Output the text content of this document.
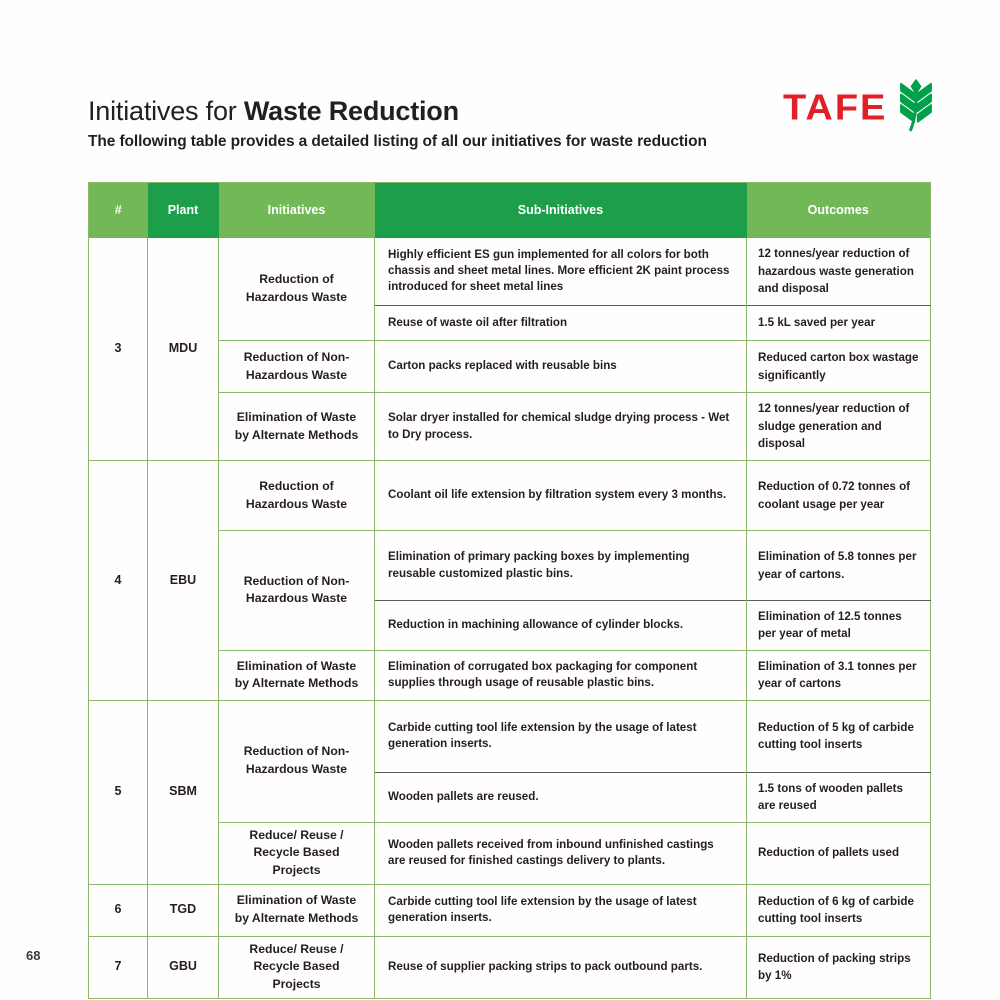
Initiatives for Waste Reduction
The following table provides a detailed listing of all our initiatives for waste reduction
TAFE
#	Plant	Initiatives	Sub-Initiatives	Outcomes
3	MDU	Reduction of Hazardous Waste	Highly efficient ES gun implemented for all colors for both chassis and sheet metal lines. More efficient 2K paint process introduced for sheet metal lines	12 tonnes/year reduction of hazardous waste generation and disposal
			Reuse of waste oil after filtration	1.5 kL saved per year
		Reduction of Non-Hazardous Waste	Carton packs replaced with reusable bins	Reduced carton box wastage significantly
		Elimination of Waste by Alternate Methods	Solar dryer installed for chemical sludge drying process - Wet to Dry process.	12 tonnes/year reduction of sludge generation and disposal
4	EBU	Reduction of Hazardous Waste	Coolant oil life extension by filtration system every 3 months.	Reduction of 0.72 tonnes of coolant usage per year
		Reduction of Non-Hazardous Waste	Elimination of primary packing boxes by implementing reusable customized plastic bins.	Elimination of 5.8 tonnes per year of cartons.
			Reduction in machining allowance of cylinder blocks.	Elimination of 12.5 tonnes per year of metal
		Elimination of Waste by Alternate Methods	Elimination of corrugated box packaging for component supplies through usage of reusable plastic bins.	Elimination of 3.1 tonnes per year of cartons
5	SBM	Reduction of Non-Hazardous Waste	Carbide cutting tool life extension by the usage of latest generation inserts.	Reduction of 5 kg of carbide cutting tool inserts
			Wooden pallets are reused.	1.5 tons of wooden pallets are reused
		Reduce/ Reuse / Recycle Based Projects	Wooden pallets received from inbound unfinished castings are reused for finished castings delivery to plants.	Reduction of pallets used
6	TGD	Elimination of Waste by Alternate Methods	Carbide cutting tool life extension by the usage of latest generation inserts.	Reduction of 6 kg of carbide cutting tool inserts
7	GBU	Reduce/ Reuse / Recycle Based Projects	Reuse of supplier packing strips to pack outbound parts.	Reduction of packing strips by 1%
68
